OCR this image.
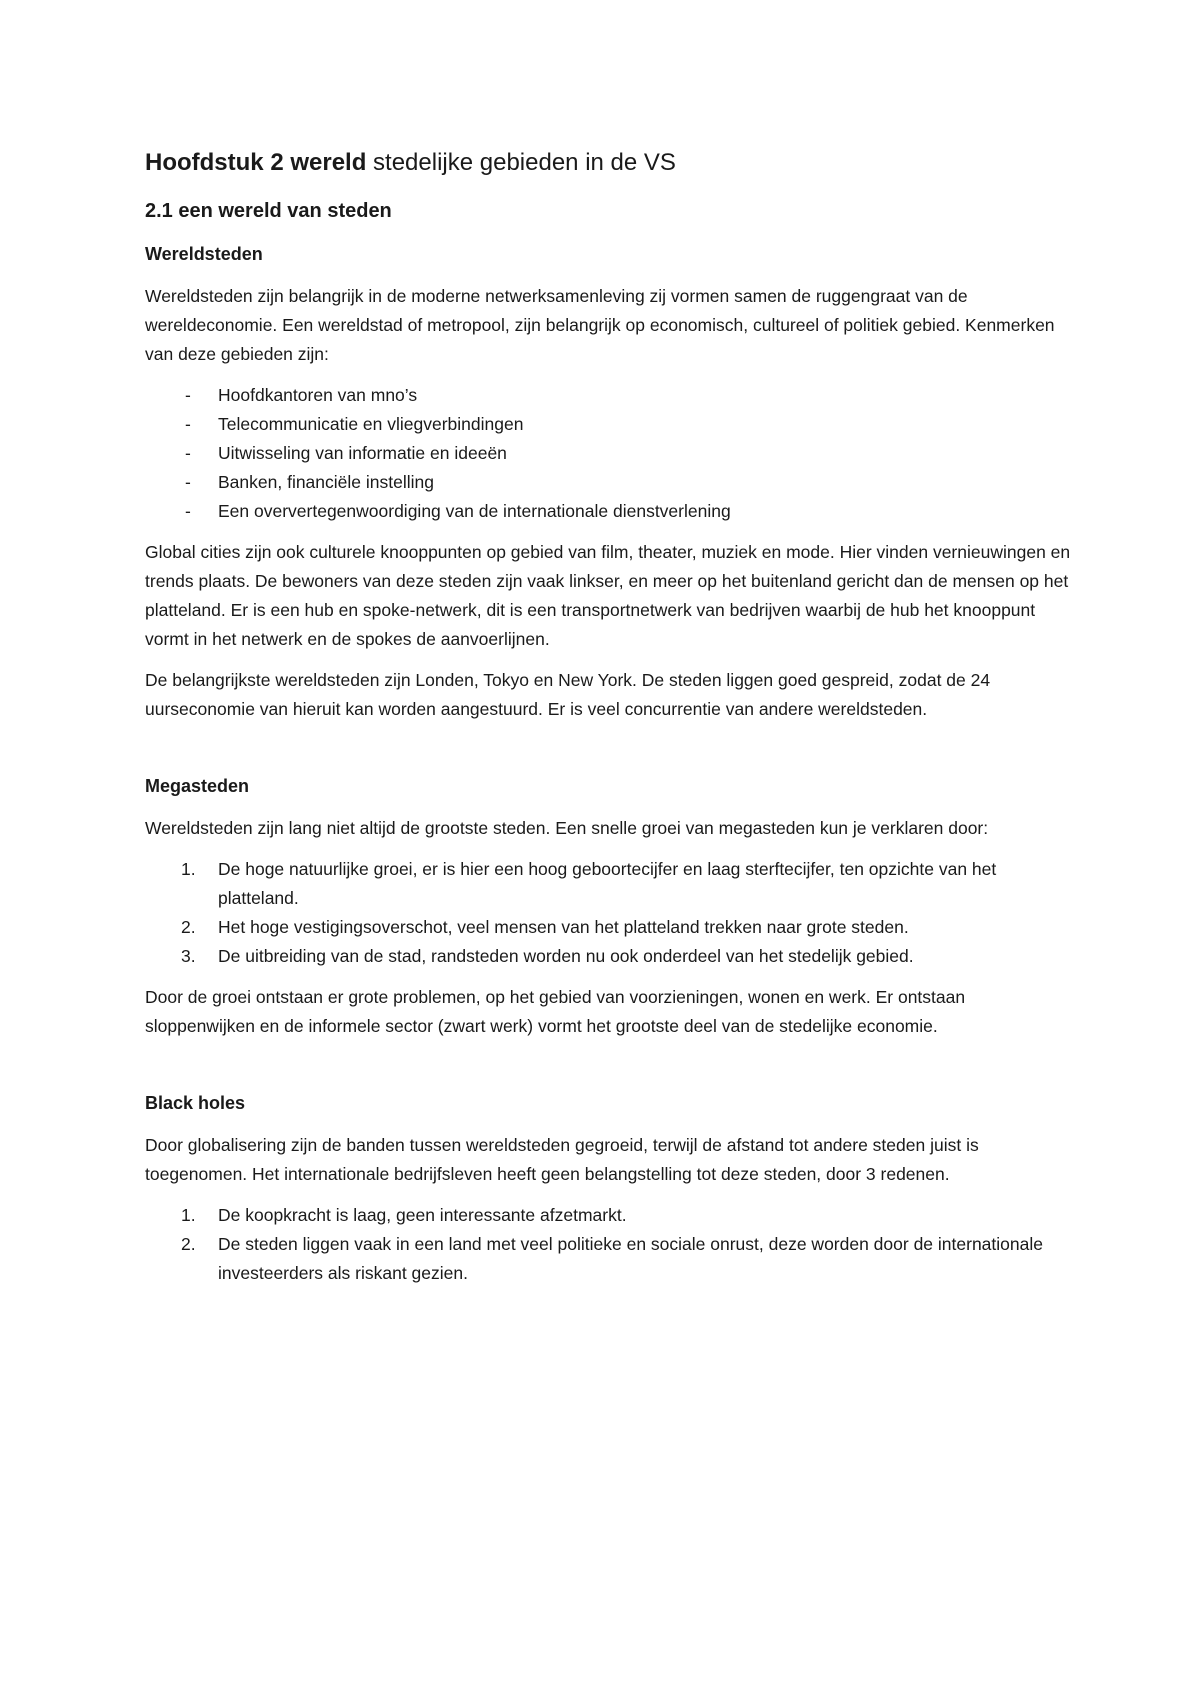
Hoofdstuk 2 wereld stedelijke gebieden in de VS
2.1 een wereld van steden
Wereldsteden
Wereldsteden zijn belangrijk in de moderne netwerksamenleving zij vormen samen de ruggengraat van de wereldeconomie. Een wereldstad of metropool, zijn belangrijk op economisch, cultureel of politiek gebied. Kenmerken van deze gebieden zijn:
- Hoofdkantoren van mno’s
- Telecommunicatie en vliegverbindingen
- Uitwisseling van informatie en ideeën
- Banken, financiële instelling
- Een oververtegenwoordiging van de internationale dienstverlening
Global cities zijn ook culturele knooppunten op gebied van film, theater, muziek en mode. Hier vinden vernieuwingen en trends plaats. De bewoners van deze steden zijn vaak linkser, en meer op het buitenland gericht dan de mensen op het platteland. Er is een hub en spoke-netwerk, dit is een transportnetwerk van bedrijven waarbij de hub het knooppunt vormt in het netwerk en de spokes de aanvoerlijnen.
De belangrijkste wereldsteden zijn Londen, Tokyo en New York. De steden liggen goed gespreid, zodat de 24 uurseconomie van hieruit kan worden aangestuurd. Er is veel concurrentie van andere wereldsteden.
Megasteden
Wereldsteden zijn lang niet altijd de grootste steden. Een snelle groei van megasteden kun je verklaren door:
1. De hoge natuurlijke groei, er is hier een hoog geboortecijfer en laag sterftecijfer, ten opzichte van het platteland.
2. Het hoge vestigingsoverschot, veel mensen van het platteland trekken naar grote steden.
3. De uitbreiding van de stad, randsteden worden nu ook onderdeel van het stedelijk gebied.
Door de groei ontstaan er grote problemen, op het gebied van voorzieningen, wonen en werk. Er ontstaan sloppenwijken en de informele sector (zwart werk) vormt het grootste deel van de stedelijke economie.
Black holes
Door globalisering zijn de banden tussen wereldsteden gegroeid, terwijl de afstand tot andere steden juist is toegenomen. Het internationale bedrijfsleven heeft geen belangstelling tot deze steden, door 3 redenen.
1. De koopkracht is laag, geen interessante afzetmarkt.
2. De steden liggen vaak in een land met veel politieke en sociale onrust, deze worden door de internationale investeerders als riskant gezien.
